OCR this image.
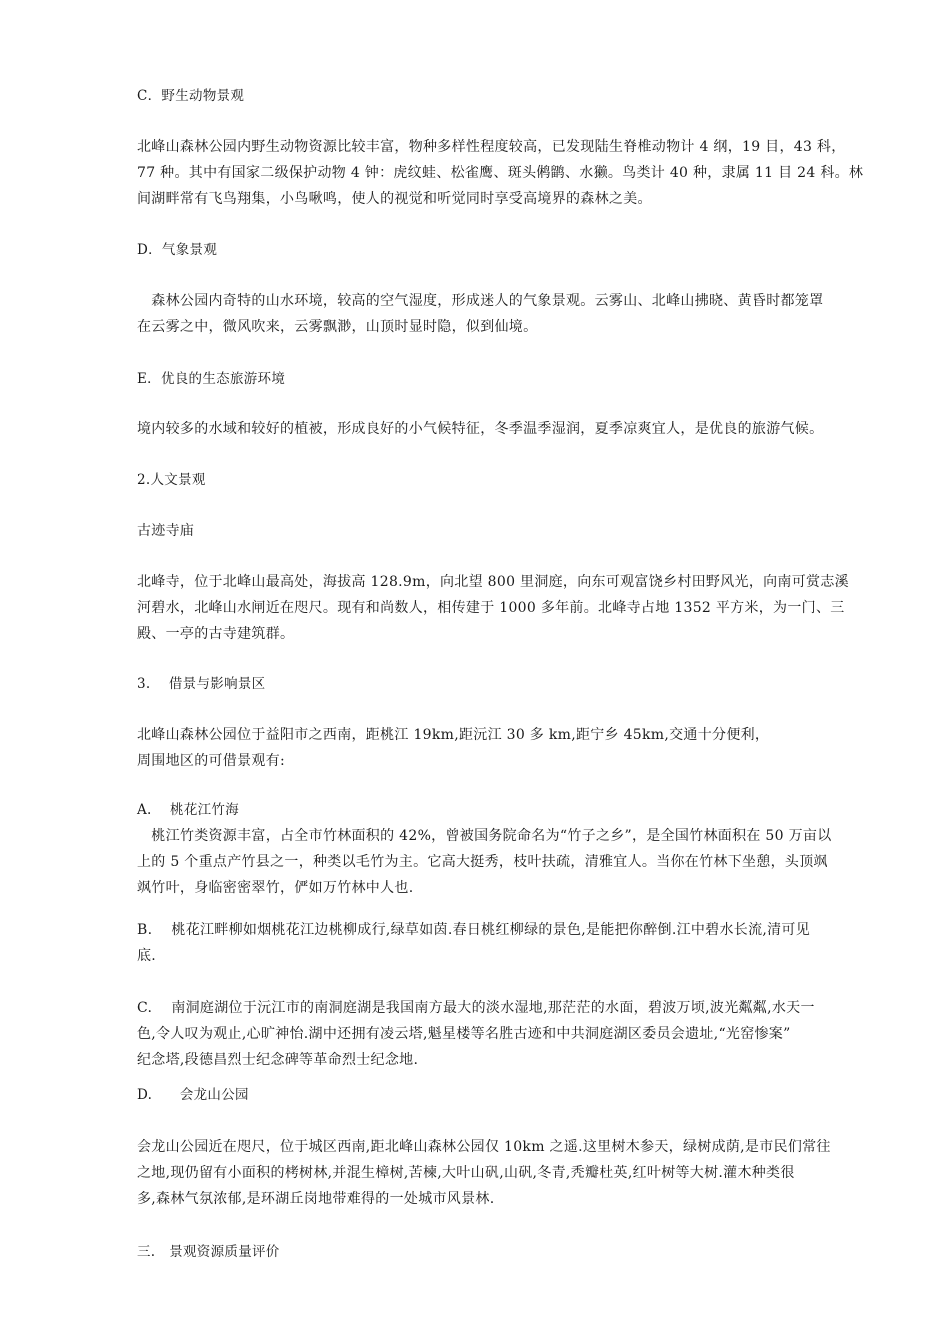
C．野生动物景观
北峰山森林公园内野生动物资源比较丰富，物种多样性程度较高，已发现陆生脊椎动物计 4 纲，19 目，43 科，
77 种。其中有国家二级保护动物 4 钟：虎纹蛙、松雀鹰、斑头鸺鹠、水獭。鸟类计 40 种，隶属 11 目 24 科。林
间湖畔常有飞鸟翔集，小鸟啾鸣，使人的视觉和听觉同时享受高境界的森林之美。
D．气象景观
　森林公园内奇特的山水环境，较高的空气湿度，形成迷人的气象景观。云雾山、北峰山拂晓、黄昏时都笼罩
在云雾之中，微风吹来，云雾飘渺，山顶时显时隐，似到仙境。
E．优良的生态旅游环境
境内较多的水域和较好的植被，形成良好的小气候特征，冬季温季湿润，夏季凉爽宜人，是优良的旅游气候。
2.人文景观
古迹寺庙
北峰寺，位于北峰山最高处，海拔高 128.9m，向北望 800 里洞庭，向东可观富饶乡村田野风光，向南可赏志溪
河碧水，北峰山水闸近在咫尺。现有和尚数人，相传建于 1000 多年前。北峰寺占地 1352 平方米，为一门、三
殿、一亭的古寺建筑群。
3.　 借景与影响景区
北峰山森林公园位于益阳市之西南，距桃江 19km,距沅江 30 多 km,距宁乡 45km,交通十分便利，
周围地区的可借景观有:
A.　 桃花江竹海
　桃江竹类资源丰富，占全市竹林面积的 42%，曾被国务院命名为“竹子之乡”，是全国竹林面积在 50 万亩以
上的 5 个重点产竹县之一，种类以毛竹为主。它高大挺秀，枝叶扶疏，清雅宜人。当你在竹林下坐憩，头顶飒
飒竹叶，身临密密翠竹，俨如万竹林中人也.
B.　 桃花江畔柳如烟桃花江边桃柳成行,绿草如茵.春日桃红柳绿的景色,是能把你醉倒.江中碧水长流,清可见
底.
C.　 南洞庭湖位于沅江市的南洞庭湖是我国南方最大的淡水湿地,那茫茫的水面，碧波万顷,波光粼粼,水天一
色,令人叹为观止,心旷神怡.湖中还拥有凌云塔,魁星楼等名胜古迹和中共洞庭湖区委员会遗址,“光窑惨案”
纪念塔,段德昌烈士纪念碑等革命烈士纪念地.
D.　　会龙山公园
会龙山公园近在咫尺，位于城区西南,距北峰山森林公园仅 10km 之遥.这里树木参天，绿树成荫,是市民们常往
之地,现仍留有小面积的栲树林,并混生樟树,苦楝,大叶山矾,山矾,冬青,秃瓣杜英,红叶树等大树.灌木种类很
多,森林气氛浓郁,是环湖丘岗地带难得的一处城市风景林.
三.　景观资源质量评价
